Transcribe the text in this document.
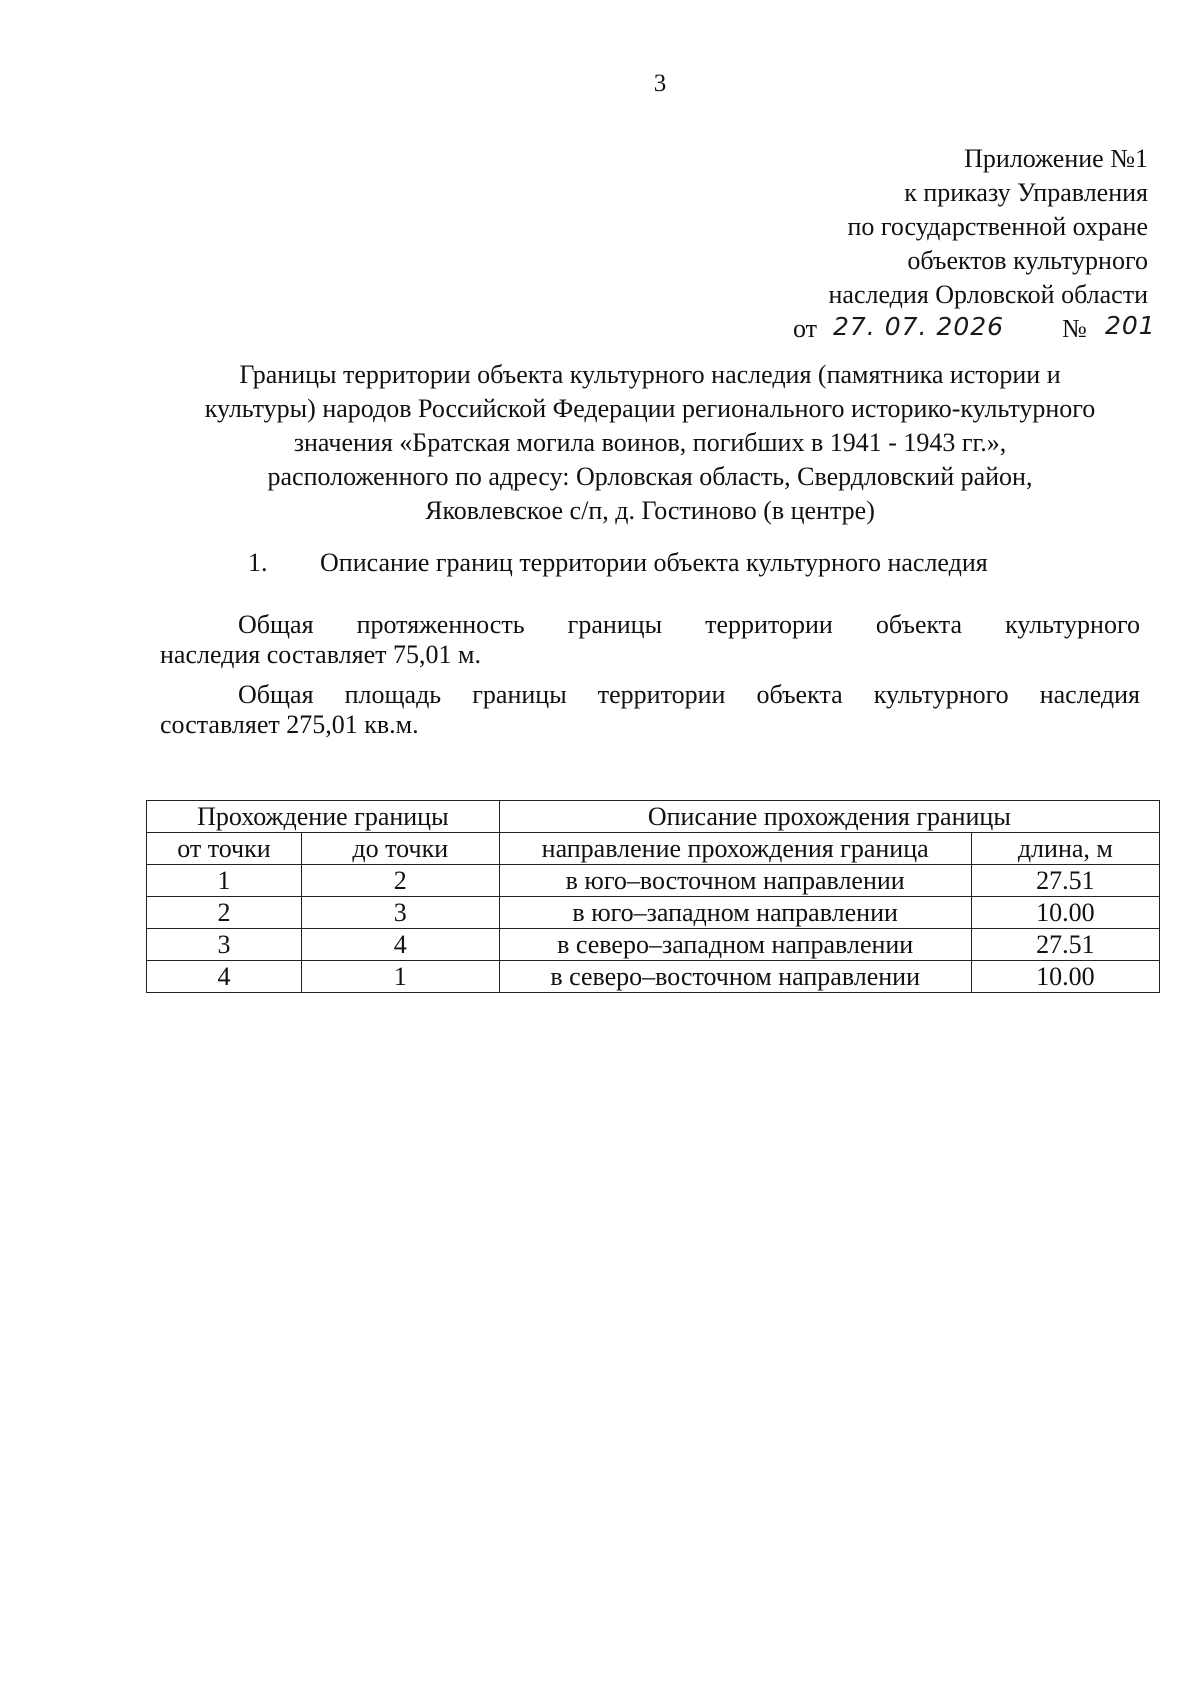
3
Приложение №1
к приказу Управления
по государственной охране
объектов культурного
наследия Орловской области
от 27. 07. 2026 № 201
Границы территории объекта культурного наследия (памятника истории и
культуры) народов Российской Федерации регионального историко-культурного
значения «Братская могила воинов, погибших в 1941 - 1943 гг.»,
расположенного по адресу: Орловская область, Свердловский район,
Яковлевское с/п, д. Гостиново (в центре)
1. Описание границ территории объекта культурного наследия
Общая протяженность границы территории объекта культурного
наследия составляет 75,01 м.
Общая площадь границы территории объекта культурного наследия
составляет 275,01 кв.м.
Прохождение границы		Описание прохождения границы	
от точки	до точки	направление прохождения граница	длина, м
1	2	в юго–восточном направлении	27.51
2	3	в юго–западном направлении	10.00
3	4	в северо–западном направлении	27.51
4	1	в северо–восточном направлении	10.00
